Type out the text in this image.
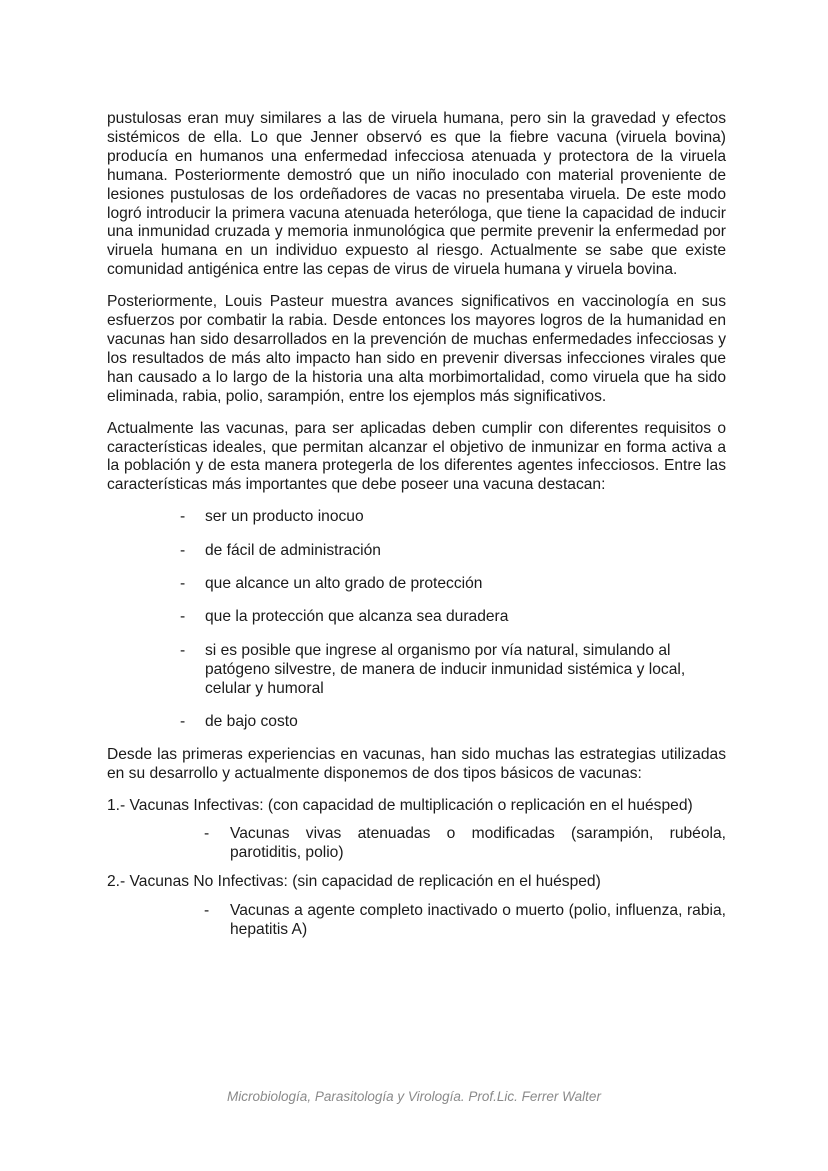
pustulosas eran muy similares a las de viruela humana, pero sin la gravedad y efectos sistémicos de ella. Lo que Jenner observó es que la fiebre vacuna (viruela bovina) producía en humanos una enfermedad infecciosa atenuada y protectora de la viruela humana. Posteriormente demostró que un niño inoculado con material proveniente de lesiones pustulosas de los ordeñadores de vacas no presentaba viruela. De este modo logró introducir la primera vacuna atenuada heteróloga, que tiene la capacidad de inducir una inmunidad cruzada y memoria inmunológica que permite prevenir la enfermedad por viruela humana en un individuo expuesto al riesgo. Actualmente se sabe que existe comunidad antigénica entre las cepas de virus de viruela humana y viruela bovina.

Posteriormente, Louis Pasteur muestra avances significativos en vaccinología en sus esfuerzos por combatir la rabia. Desde entonces los mayores logros de la humanidad en vacunas han sido desarrollados en la prevención de muchas enfermedades infecciosas y los resultados de más alto impacto han sido en prevenir diversas infecciones virales que han causado a lo largo de la historia una alta morbimortalidad, como viruela que ha sido eliminada, rabia, polio, sarampión, entre los ejemplos más significativos.

Actualmente las vacunas, para ser aplicadas deben cumplir con diferentes requisitos o características ideales, que permitan alcanzar el objetivo de inmunizar en forma activa a la población y de esta manera protegerla de los diferentes agentes infecciosos. Entre las características más importantes que debe poseer una vacuna destacan:

- ser un producto inocuo
- de fácil de administración
- que alcance un alto grado de protección
- que la protección que alcanza sea duradera
- si es posible que ingrese al organismo por vía natural, simulando al patógeno silvestre, de manera de inducir inmunidad sistémica y local, celular y humoral
- de bajo costo

Desde las primeras experiencias en vacunas, han sido muchas las estrategias utilizadas en su desarrollo y actualmente disponemos de dos tipos básicos de vacunas:

1.- Vacunas Infectivas: (con capacidad de multiplicación o replicación en el huésped)

- Vacunas vivas atenuadas o modificadas (sarampión, rubéola, parotiditis, polio)

2.- Vacunas No Infectivas: (sin capacidad de replicación en el huésped)

- Vacunas a agente completo inactivado o muerto (polio, influenza, rabia, hepatitis A)
Microbiología, Parasitología y Virología. Prof.Lic. Ferrer Walter
